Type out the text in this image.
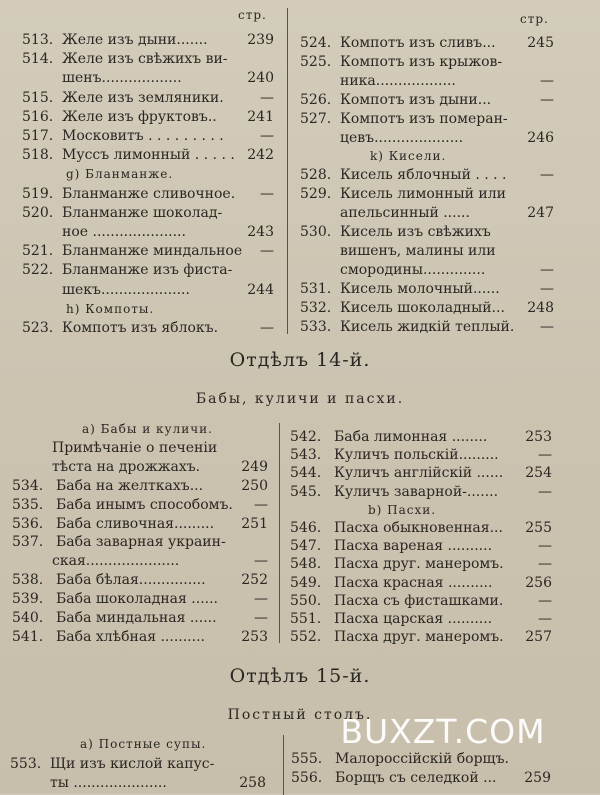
стр.	стр.
513. Желе изъ дыни.......	239
514. Желе изъ свѣжихъ ви-
шенъ..................	240
515. Желе изъ земляники.	—
516. Желе изъ фруктовъ.. 241
517. Московитъ . . . . . . . . .	—
518. Муссъ лимонный . . . . . 242
g) Бланманже.
519. Бланманже сливочное. —
520. Бланманже шоколад-
ное .....................	243
521. Бланманже миндальное —
522. Бланманже изъ фиста-
шекъ....................	244
h) Компоты.
523. Компотъ изъ яблокъ.	—
524. Компотъ изъ сливъ... 245
525. Компотъ изъ крыжов-
ника..................	—
526. Компотъ изъ дыни...	—
527. Компотъ изъ померан-
цевъ....................	246
k) Кисели.
528. Кисель яблочный . . . . —
529. Кисель лимонный или
апельсинный ......	247
530. Кисель изъ свѣжихъ
вишенъ, малины или
смородины..............	—
531. Кисель молочный......	—
532. Кисель шоколадный... 248
533. Кисель жидкій теплый. —
Отдѣлъ 14-й.
Бабы, куличи и пасхи.
а) Бабы и куличи.
Примѣчаніе о печеніи
тѣста на дрожжахъ.	249
534. Баба на желткахъ...	250
535. Баба инымъ способомъ. —
536. Баба сливочная......... 251
537. Баба заварная украин-
ская.....................	—
538. Баба бѣлая...............	252
539. Баба шоколадная ......	—
540. Баба миндальная ......	—
541. Баба хлѣбная ..........	253
542. Баба лимонная ........	253
543. Куличъ польскій.........	—
544. Куличъ англійскій ...... 254
545. Куличъ заварной-.......	—
b) Пасхи.
546. Пасха обыкновенная... 255
547. Пасха вареная ..........	—
548. Пасха друг. манеромъ. —
549. Пасха красная .......... 256
550. Пасха съ фисташками. —
551. Пасха царская ..........	—
552. Пасха друг. манеромъ. 257
Отдѣлъ 15-й.
Постный столъ.
а) Постные супы.
553. Щи изъ кислой капус-
ты .....................	258
555. Малороссійскій борщъ.
556. Борщъ съ селедкой ... 259
BUXZT.COM
